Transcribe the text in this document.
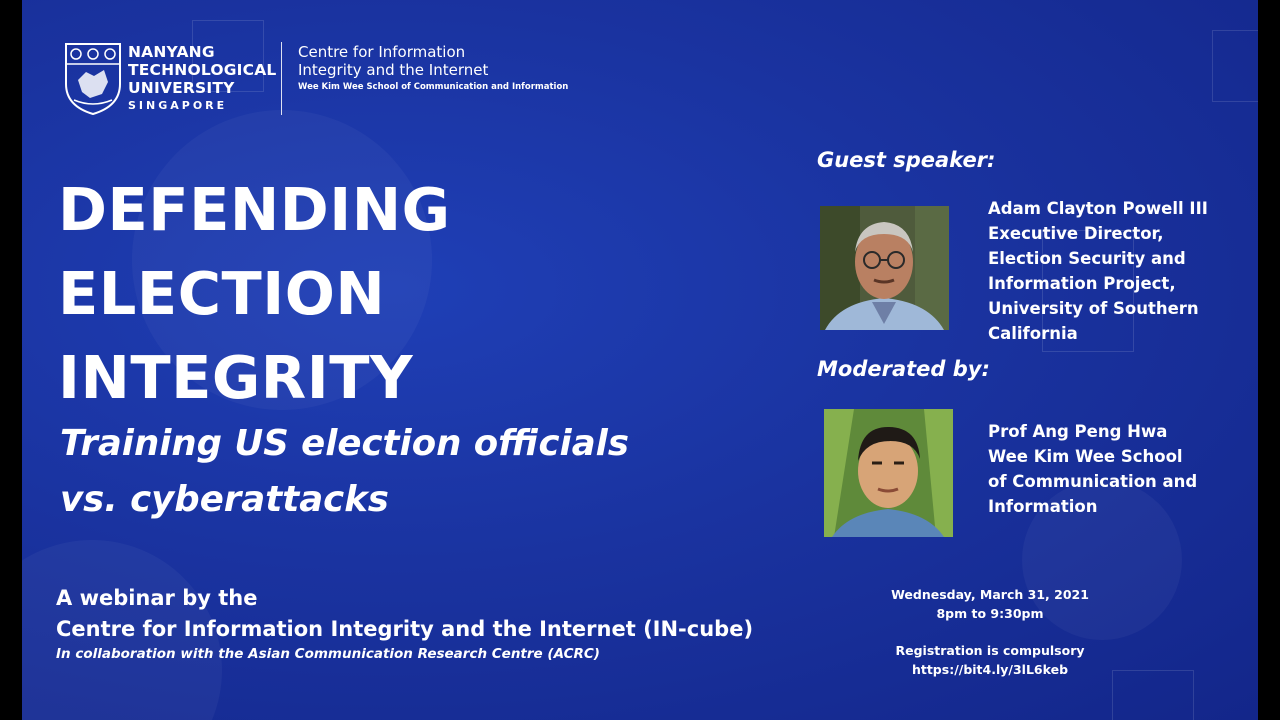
NANYANG
TECHNOLOGICAL
UNIVERSITY
SINGAPORE
Centre for Information
Integrity and the Internet
Wee Kim Wee School of Communication and Information
DEFENDING
ELECTION
INTEGRITY
Training US election officials
vs. cyberattacks
A webinar by the
Centre for Information Integrity and the Internet (IN-cube)
In collaboration with the Asian Communication Research Centre (ACRC)
Guest speaker:
Adam Clayton Powell III
Executive Director,
Election Security and
Information Project,
University of Southern
California
Moderated by:
Prof Ang Peng Hwa
Wee Kim Wee School
of Communication and
Information
Wednesday, March 31, 2021
8pm to 9:30pm
Registration is compulsory
https://bit4.ly/3lL6keb
